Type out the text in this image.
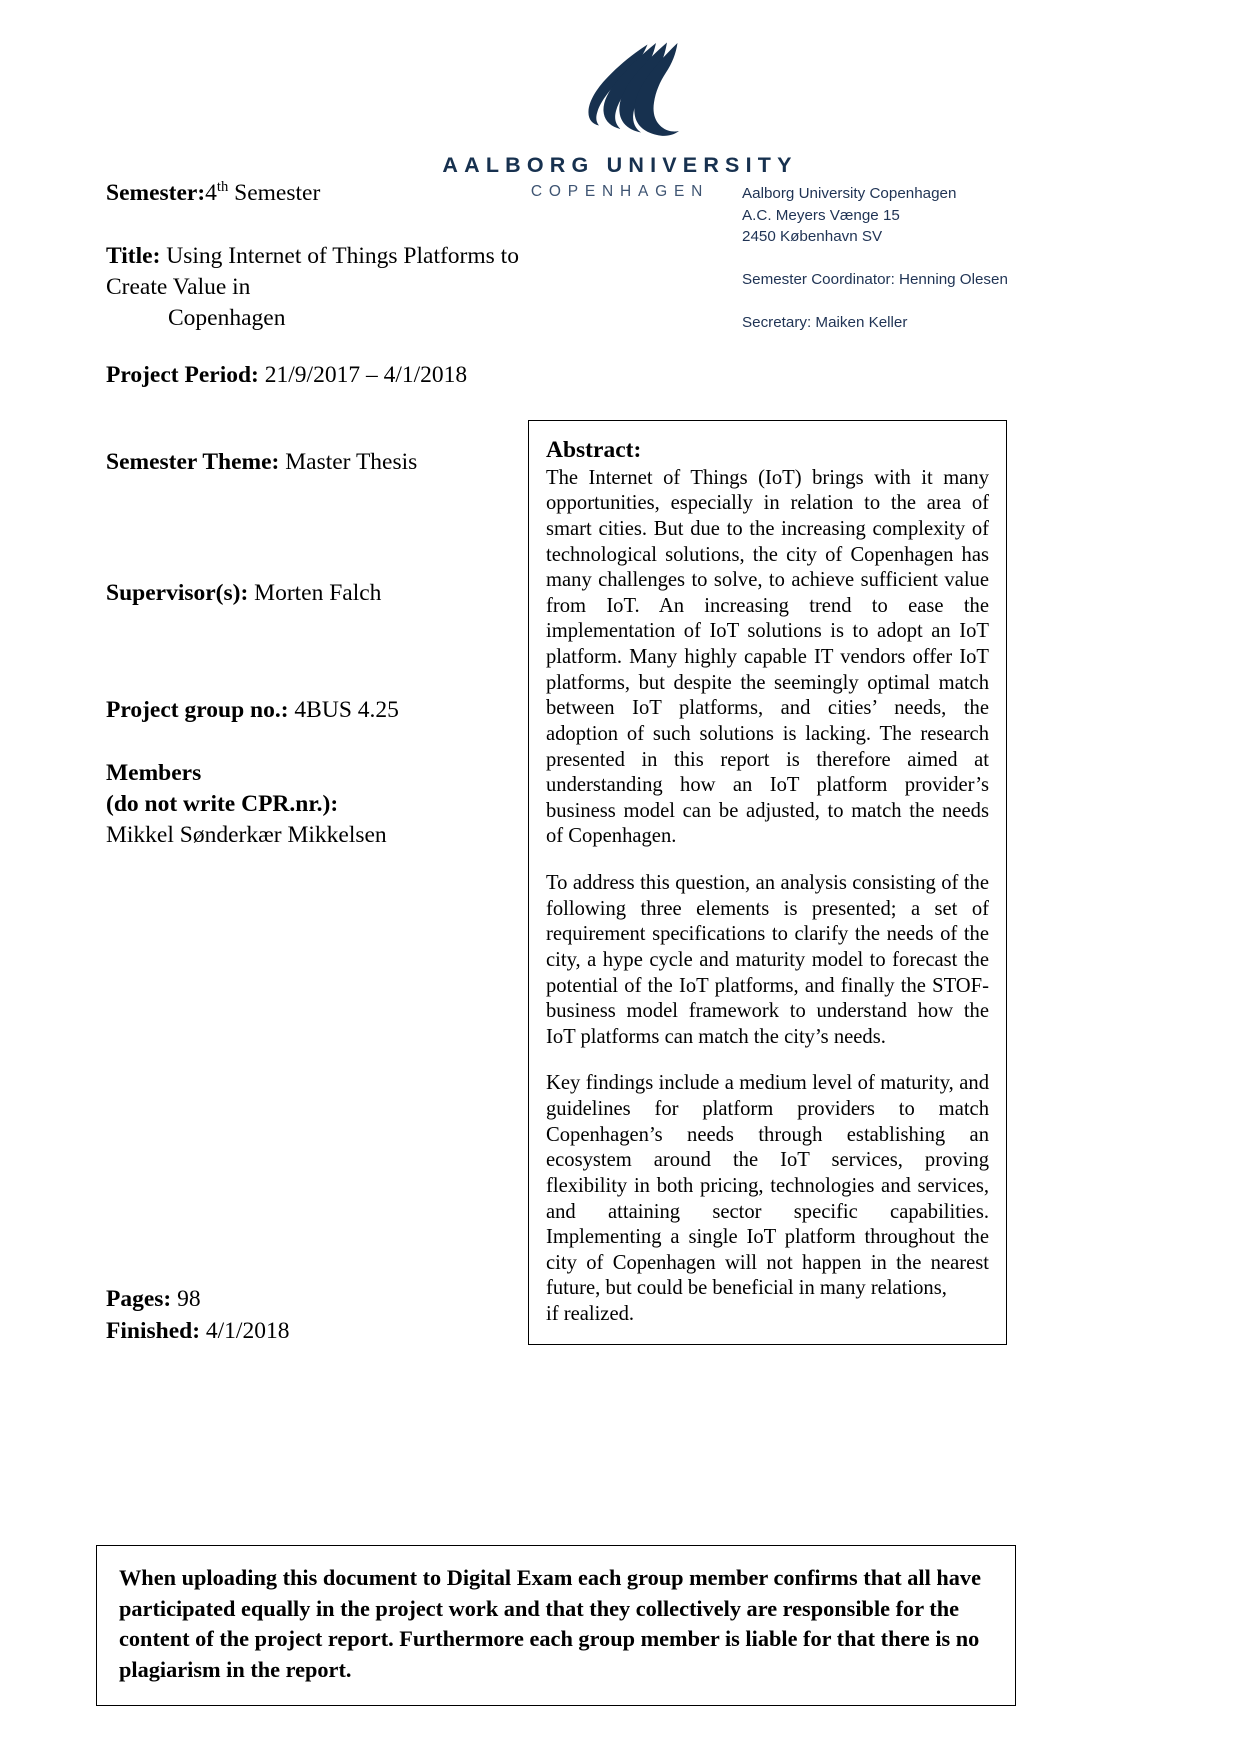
AALBORG UNIVERSITY
COPENHAGEN
Semester:4th Semester
Title: Using Internet of Things Platforms to Create Value in
Copenhagen
Project Period: 21/9/2017 – 4/1/2018
Semester Theme: Master Thesis
Supervisor(s): Morten Falch
Project group no.: 4BUS 4.25
Members
(do not write CPR.nr.):
Mikkel Sønderkær Mikkelsen
Pages: 98
Finished: 4/1/2018
Aalborg University Copenhagen
A.C. Meyers Vænge 15
2450 København SV
Semester Coordinator: Henning Olesen
Secretary: Maiken Keller
Abstract:

The Internet of Things (IoT) brings with it many opportunities, especially in relation to the area of smart cities. But due to the increasing complexity of technological solutions, the city of Copenhagen has many challenges to solve, to achieve sufficient value from IoT. An increasing trend to ease the implementation of IoT solutions is to adopt an IoT platform. Many highly capable IT vendors offer IoT platforms, but despite the seemingly optimal match between IoT platforms, and cities’ needs, the adoption of such solutions is lacking. The research presented in this report is therefore aimed at understanding how an IoT platform provider’s business model can be adjusted, to match the needs of Copenhagen.

To address this question, an analysis consisting of the following three elements is presented; a set of requirement specifications to clarify the needs of the city, a hype cycle and maturity model to forecast the potential of the IoT platforms, and finally the STOF-business model framework to understand how the IoT platforms can match the city’s needs.

Key findings include a medium level of maturity, and guidelines for platform providers to match Copenhagen’s needs through establishing an ecosystem around the IoT services, proving flexibility in both pricing, technologies and services, and attaining sector specific capabilities. Implementing a single IoT platform throughout the city of Copenhagen will not happen in the nearest future, but could be beneficial in many relations,

if realized.

When uploading this document to Digital Exam each group member confirms that all have participated equally in the project work and that they collectively are responsible for the content of the project report. Furthermore each group member is liable for that there is no plagiarism in the report.
